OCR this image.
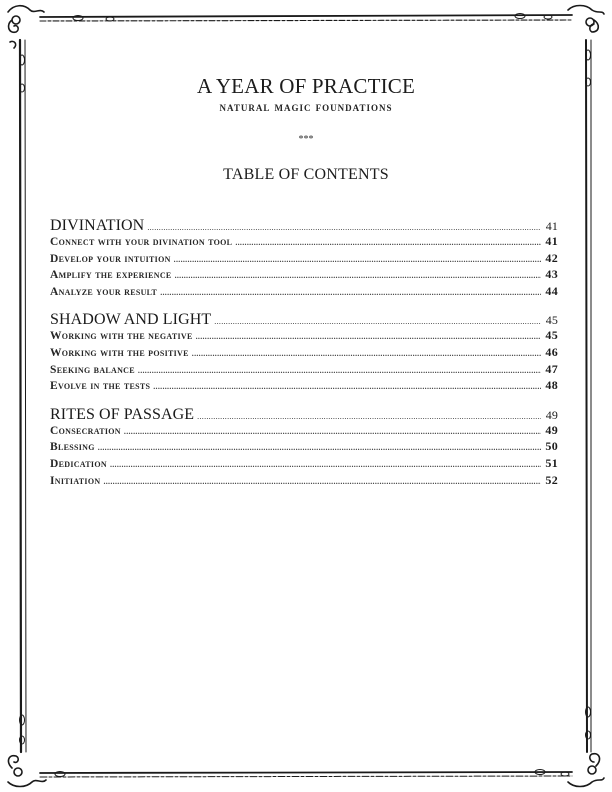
A YEAR OF PRACTICE
natural magic foundations
***
TABLE OF CONTENTS
DIVINATION .....	41
Connect with your divination tool .....	41
Develop your intuition .....	42
Amplify the experience .....	43
Analyze your result .....	44
SHADOW AND LIGHT .....	45
Working with the negative .....	45
Working with the positive .....	46
Seeking balance .....	47
Evolve in the tests .....	48
RITES OF PASSAGE .....	49
Consecration .....	49
Blessing .....	50
Dedication .....	51
Initiation .....	52
